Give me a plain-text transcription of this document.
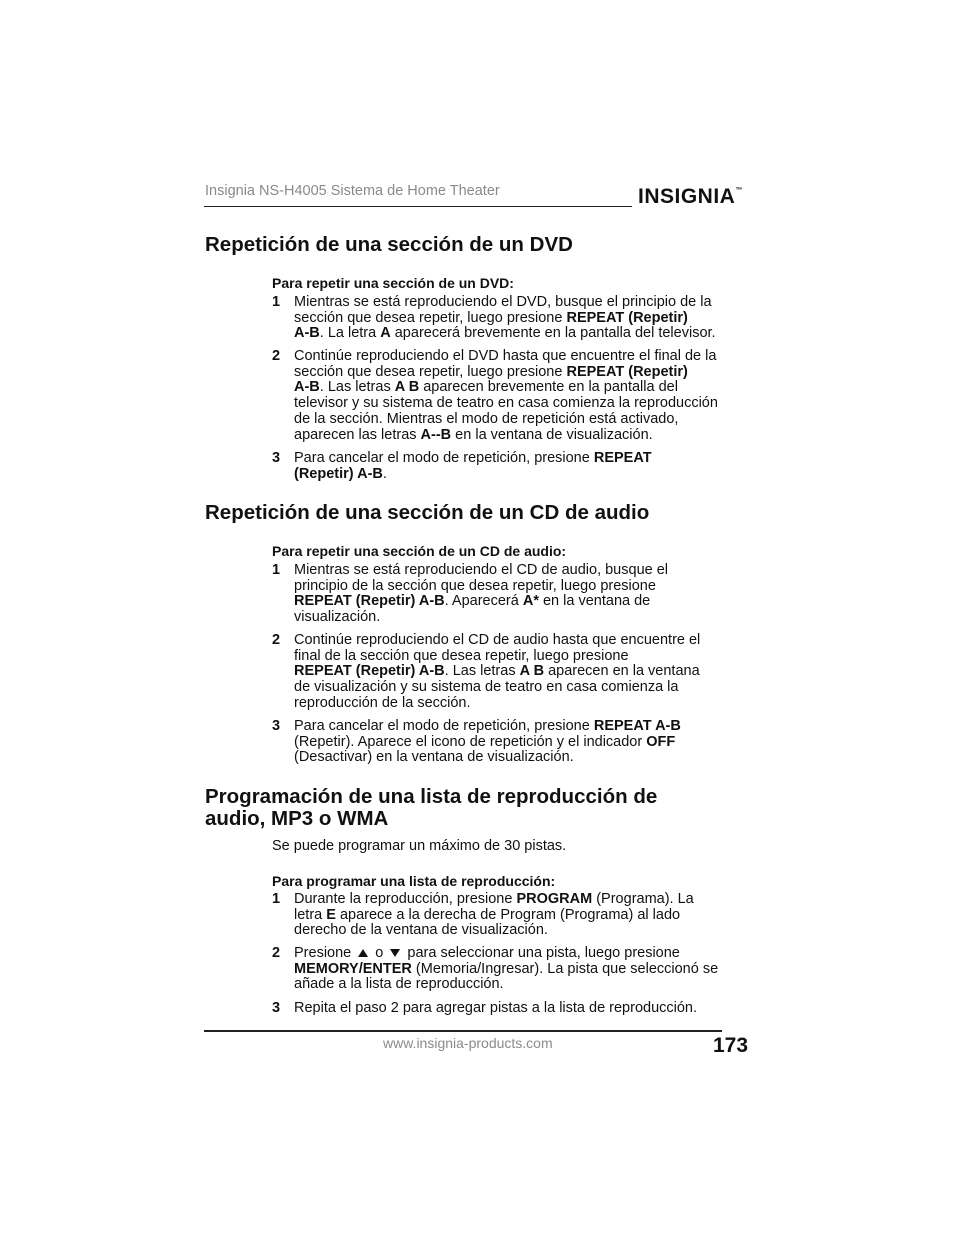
Insignia NS-H4005 Sistema de Home Theater	INSIGNIA™
Repetición de una sección de un DVD
Para repetir una sección de un DVD:
1 Mientras se está reproduciendo el DVD, busque el principio de la
sección que desea repetir, luego presione REPEAT (Repetir)
A-B. La letra A aparecerá brevemente en la pantalla del televisor.
2 Continúe reproduciendo el DVD hasta que encuentre el final de la
sección que desea repetir, luego presione REPEAT (Repetir)
A-B. Las letras A B aparecen brevemente en la pantalla del
televisor y su sistema de teatro en casa comienza la reproducción
de la sección. Mientras el modo de repetición está activado,
aparecen las letras A--B en la ventana de visualización.
3 Para cancelar el modo de repetición, presione REPEAT
(Repetir) A-B.
Repetición de una sección de un CD de audio
Para repetir una sección de un CD de audio:
1 Mientras se está reproduciendo el CD de audio, busque el
principio de la sección que desea repetir, luego presione
REPEAT (Repetir) A-B. Aparecerá A* en la ventana de
visualización.
2 Continúe reproduciendo el CD de audio hasta que encuentre el
final de la sección que desea repetir, luego presione
REPEAT (Repetir) A-B. Las letras A B aparecen en la ventana
de visualización y su sistema de teatro en casa comienza la
reproducción de la sección.
3 Para cancelar el modo de repetición, presione REPEAT A-B
(Repetir). Aparece el icono de repetición y el indicador OFF
(Desactivar) en la ventana de visualización.
Programación de una lista de reproducción de
audio, MP3 o WMA
Se puede programar un máximo de 30 pistas.
Para programar una lista de reproducción:
1 Durante la reproducción, presione PROGRAM (Programa). La
letra E aparece a la derecha de Program (Programa) al lado
derecho de la ventana de visualización.
2 Presione  o  para seleccionar una pista, luego presione
MEMORY/ENTER (Memoria/Ingresar). La pista que seleccionó se
añade a la lista de reproducción.
3 Repita el paso 2 para agregar pistas a la lista de reproducción.
www.insignia-products.com	173
